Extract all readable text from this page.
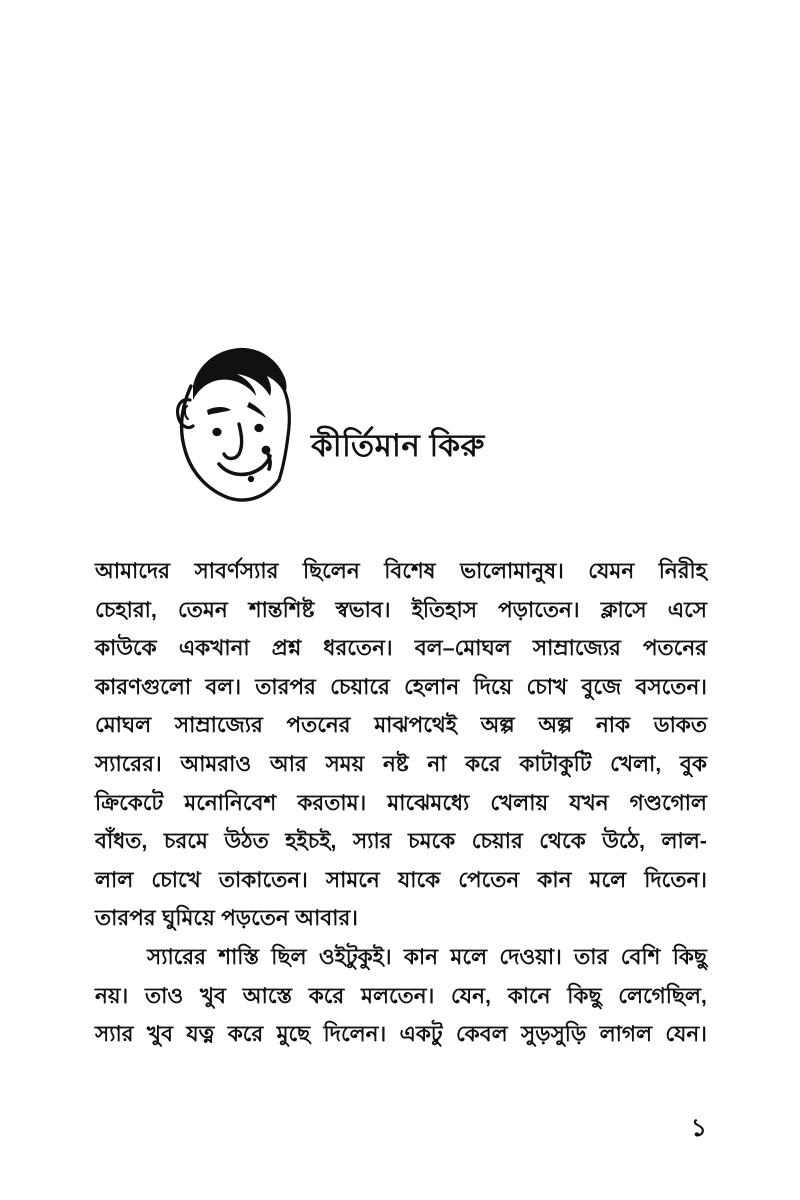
কীর্তিমান কিরু
আমাদের সাবর্ণস্যার ছিলেন বিশেষ ভালোমানুষ। যেমন নিরীহ
চেহারা, তেমন শান্তশিষ্ট স্বভাব। ইতিহাস পড়াতেন। ক্লাসে এসে
কাউকে একখানা প্রশ্ন ধরতেন। বল–মোঘল সাম্রাজ্যের পতনের
কারণগুলো বল। তারপর চেয়ারে হেলান দিয়ে চোখ বুজে বসতেন।
মোঘল সাম্রাজ্যের পতনের মাঝপথেই অল্প অল্প নাক ডাকত
স্যারের। আমরাও আর সময় নষ্ট না করে কাটাকুটি খেলা, বুক
ক্রিকেটে মনোনিবেশ করতাম। মাঝেমধ্যে খেলায় যখন গণ্ডগোল
বাঁধত, চরমে উঠত হইচই, স্যার চমকে চেয়ার থেকে উঠে, লাল-
লাল চোখে তাকাতেন। সামনে যাকে পেতেন কান মলে দিতেন।
তারপর ঘুমিয়ে পড়তেন আবার।
স্যারের শাস্তি ছিল ওইটুকুই। কান মলে দেওয়া। তার বেশি কিছু
নয়। তাও খুব আস্তে করে মলতেন। যেন, কানে কিছু লেগেছিল,
স্যার খুব যত্ন করে মুছে দিলেন। একটু কেবল সুড়সুড়ি লাগল যেন।
১
